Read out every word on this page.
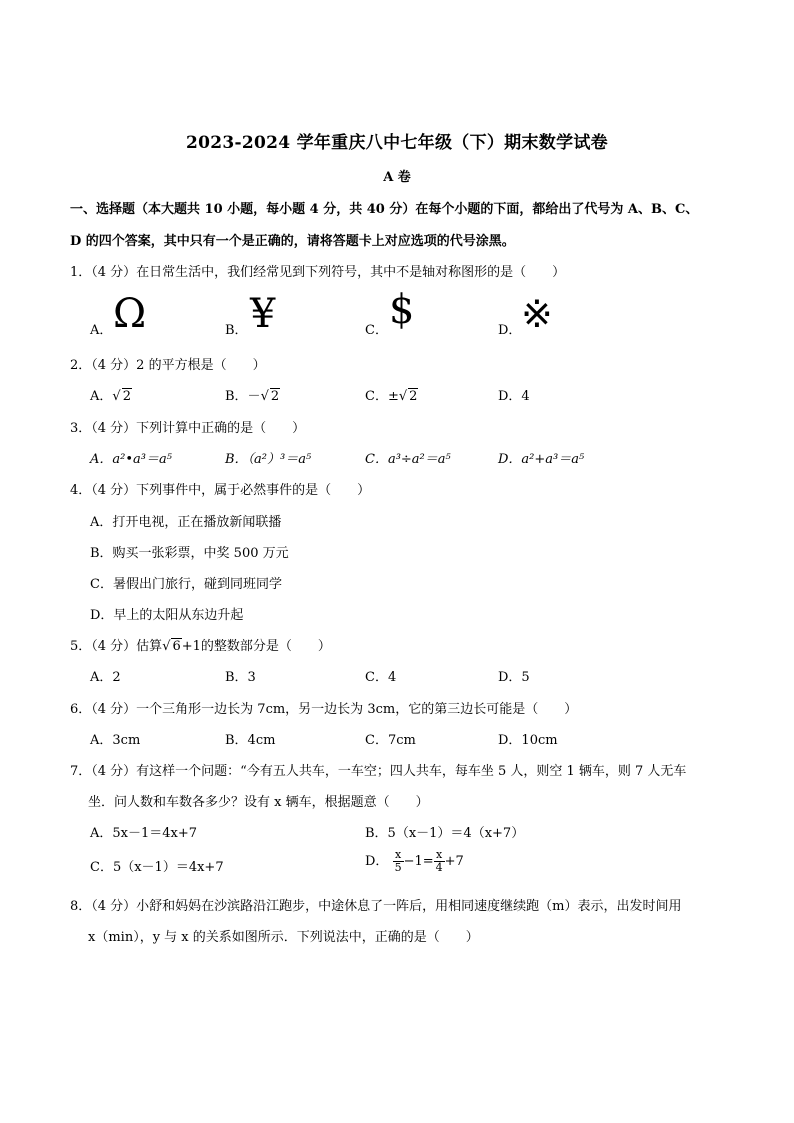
2023-2024 学年重庆八中七年级（下）期末数学试卷
A 卷
一、选择题（本大题共 10 小题，每小题 4 分，共 40 分）在每个小题的下面，都给出了代号为 A、B、C、
D 的四个答案，其中只有一个是正确的，请将答题卡上对应选项的代号涂黑。
1．（4 分）在日常生活中，我们经常见到下列符号，其中不是轴对称图形的是（　　）
A． Ω	B． ¥	C． $	D． ※
2．（4 分）2 的平方根是（　　）
A．√ 2	B．－√ 2	C．±√ 2	D．4
3．（4 分）下列计算中正确的是（　　）
A．a²•a³＝a⁵	B．（a²）³＝a⁵	C．a³÷a²＝a⁵	D．a²+a³＝a⁵
4．（4 分）下列事件中，属于必然事件的是（　　）
A．打开电视，正在播放新闻联播
B．购买一张彩票，中奖 500 万元
C．暑假出门旅行，碰到同班同学
D．早上的太阳从东边升起
5．（4 分）估算√ 6+1的整数部分是（　　）
A．2	B．3	C．4	D．5
6．（4 分）一个三角形一边长为 7cm，另一边长为 3cm，它的第三边长可能是（　　）
A．3cm	B．4cm	C．7cm	D．10cm
7．（4 分）有这样一个问题：“今有五人共车，一车空；四人共车，每车坐 5 人，则空 1 辆车，则 7 人无车
坐．问人数和车数各多少？设有 x 辆车，根据题意（　　）
A．5x－1＝4x+7	B．5（x－1）＝4（x+7）
C．5（x－1）＝4x+7	D． $\frac{x}{5} -1= \frac{x}{4} +7$
8．（4 分）小舒和妈妈在沙滨路沿江跑步，中途休息了一阵后，用相同速度继续跑（m）表示，出发时间用
x（min），y 与 x 的关系如图所示．下列说法中，正确的是（　　）
